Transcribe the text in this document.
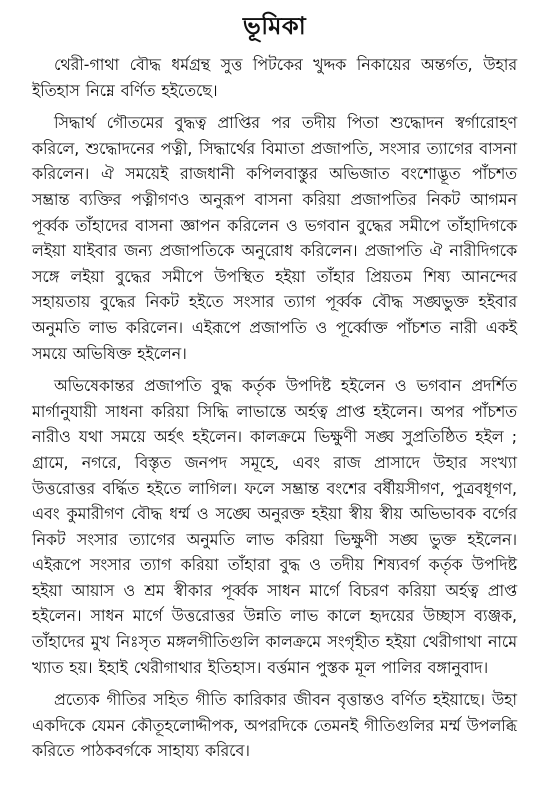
ভূমিকা

থেরী-গাথা বৌদ্ধ ধর্মগ্রন্থ সুত্ত পিটকের খুদ্দক নিকায়ের অন্তর্গত, উহার ইতিহাস নিম্নে বর্ণিত হইতেছে।

সিদ্ধার্থ গৌতমের বুদ্ধত্ব প্রাপ্তির পর তদীয় পিতা শুদ্ধোদন স্বর্গারোহণ করিলে, শুদ্ধোদনের পত্নী, সিদ্ধার্থের বিমাতা প্রজাপতি, সংসার ত্যাগের বাসনা করিলেন। ঐ সময়েই রাজধানী কপিলবাস্তুর অভিজাত বংশোদ্ভূত পাঁচশত সম্ভ্রান্ত ব্যক্তির পত্নীগণও অনুরূপ বাসনা করিয়া প্রজাপতির নিকট আগমন পূর্ব্বক তাঁহাদের বাসনা জ্ঞাপন করিলেন ও ভগবান বুদ্ধের সমীপে তাঁহাদিগকে লইয়া যাইবার জন্য প্রজাপতিকে অনুরোধ করিলেন। প্রজাপতি ঐ নারীদিগকে সঙ্গে লইয়া বুদ্ধের সমীপে উপস্থিত হইয়া তাঁহার প্রিয়তম শিষ্য আনন্দের সহায়তায় বুদ্ধের নিকট হইতে সংসার ত্যাগ পূর্ব্বক বৌদ্ধ সঙ্ঘভুক্ত হইবার অনুমতি লাভ করিলেন। এইরূপে প্রজাপতি ও পূর্ব্বোক্ত পাঁচশত নারী একই সময়ে অভিষিক্ত হইলেন।

অভিষেকান্তর প্রজাপতি বুদ্ধ কর্তৃক উপদিষ্ট হইলেন ও ভগবান প্রদর্শিত মার্গানুযায়ী সাধনা করিয়া সিদ্ধি লাভান্তে অর্হত্ব প্রাপ্ত হইলেন। অপর পাঁচশত নারীও যথা সময়ে অর্হৎ হইলেন। কালক্রমে ভিক্ষুণী সঙ্ঘ সুপ্রতিষ্ঠিত হইল ; গ্রামে, নগরে, বিস্তৃত জনপদ সমূহে, এবং রাজ প্রাসাদে উহার সংখ্যা উত্তরোত্তর বর্দ্ধিত হইতে লাগিল। ফলে সম্ভ্রান্ত বংশের বর্ষীয়সীগণ, পুত্রবধূগণ, এবং কুমারীগণ বৌদ্ধ ধর্ম্ম ও সঙ্ঘে অনুরক্ত হইয়া স্বীয় স্বীয় অভিভাবক বর্গের নিকট সংসার ত্যাগের অনুমতি লাভ করিয়া ভিক্ষুণী সঙ্ঘ ভুক্ত হইলেন। এইরূপে সংসার ত্যাগ করিয়া তাঁহারা বুদ্ধ ও তদীয় শিষ্যবর্গ কর্তৃক উপদিষ্ট হইয়া আয়াস ও শ্রম স্বীকার পূর্ব্বক সাধন মার্গে বিচরণ করিয়া অর্হত্ব প্রাপ্ত হইলেন। সাধন মার্গে উত্তরোত্তর উন্নতি লাভ কালে হৃদয়ের উচ্ছাস ব্যঞ্জক, তাঁহাদের মুখ নিঃসৃত মঙ্গলগীতিগুলি কালক্রমে সংগৃহীত হইয়া থেরীগাথা নামে খ্যাত হয়। ইহাই থেরীগাথার ইতিহাস। বর্ত্তমান পুস্তক মূল পালির বঙ্গানুবাদ।

প্রত্যেক গীতির সহিত গীতি কারিকার জীবন বৃত্তান্তও বর্ণিত হইয়াছে। উহা একদিকে যেমন কৌতূহলোদ্দীপক, অপরদিকে তেমনই গীতিগুলির মর্ম্ম উপলব্ধি করিতে পাঠকবর্গকে সাহায্য করিবে।
